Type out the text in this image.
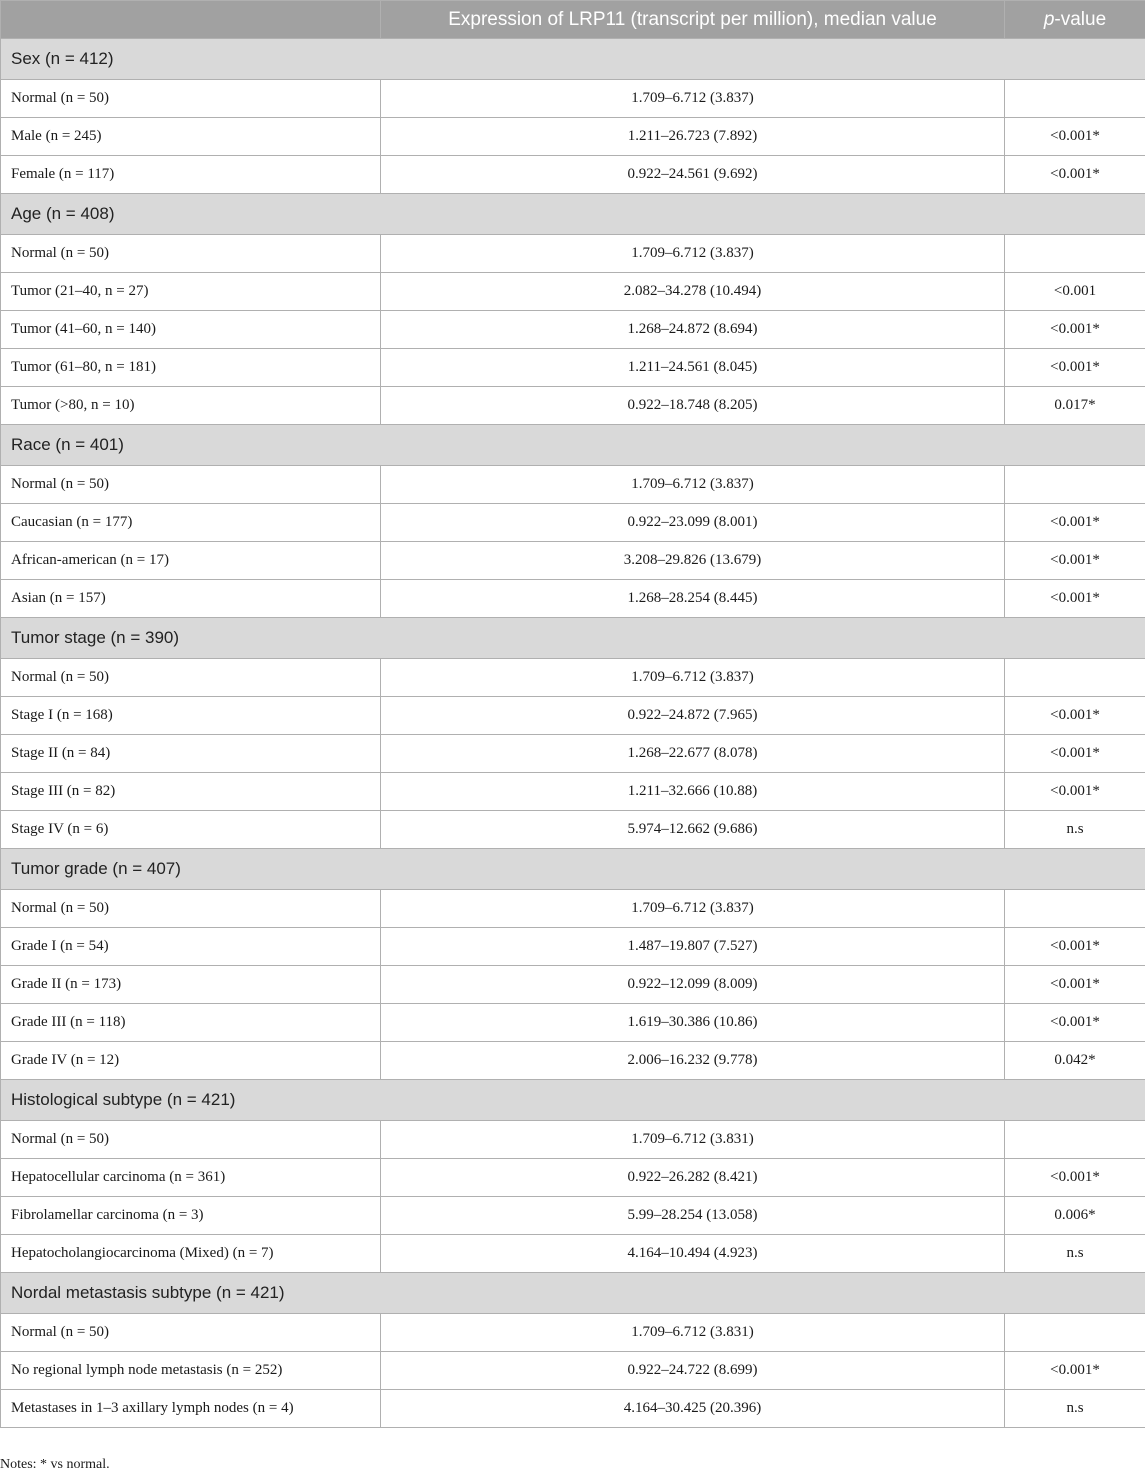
	Expression of LRP11 (transcript per million), median value	p-value
Sex (n = 412)		
Normal (n = 50)	1.709–6.712 (3.837)	
Male (n = 245)	1.211–26.723 (7.892)	<0.001*
Female (n = 117)	0.922–24.561 (9.692)	<0.001*
Age (n = 408)		
Normal (n = 50)	1.709–6.712 (3.837)	
Tumor (21–40, n = 27)	2.082–34.278 (10.494)	<0.001
Tumor (41–60, n = 140)	1.268–24.872 (8.694)	<0.001*
Tumor (61–80, n = 181)	1.211–24.561 (8.045)	<0.001*
Tumor (>80, n = 10)	0.922–18.748 (8.205)	0.017*
Race (n = 401)		
Normal (n = 50)	1.709–6.712 (3.837)	
Caucasian (n = 177)	0.922–23.099 (8.001)	<0.001*
African-american (n = 17)	3.208–29.826 (13.679)	<0.001*
Asian (n = 157)	1.268–28.254 (8.445)	<0.001*
Tumor stage (n = 390)		
Normal (n = 50)	1.709–6.712 (3.837)	
Stage I (n = 168)	0.922–24.872 (7.965)	<0.001*
Stage II (n = 84)	1.268–22.677 (8.078)	<0.001*
Stage III (n = 82)	1.211–32.666 (10.88)	<0.001*
Stage IV (n = 6)	5.974–12.662 (9.686)	n.s
Tumor grade (n = 407)		
Normal (n = 50)	1.709–6.712 (3.837)	
Grade I (n = 54)	1.487–19.807 (7.527)	<0.001*
Grade II (n = 173)	0.922–12.099 (8.009)	<0.001*
Grade III (n = 118)	1.619–30.386 (10.86)	<0.001*
Grade IV (n = 12)	2.006–16.232 (9.778)	0.042*
Histological subtype (n = 421)		
Normal (n = 50)	1.709–6.712 (3.831)	
Hepatocellular carcinoma (n = 361)	0.922–26.282 (8.421)	<0.001*
Fibrolamellar carcinoma (n = 3)	5.99–28.254 (13.058)	0.006*
Hepatocholangiocarcinoma (Mixed) (n = 7)	4.164–10.494 (4.923)	n.s
Nordal metastasis subtype (n = 421)		
Normal (n = 50)	1.709–6.712 (3.831)	
No regional lymph node metastasis (n = 252)	0.922–24.722 (8.699)	<0.001*
Metastases in 1–3 axillary lymph nodes (n = 4)	4.164–30.425 (20.396)	n.s
Notes: * vs normal.
